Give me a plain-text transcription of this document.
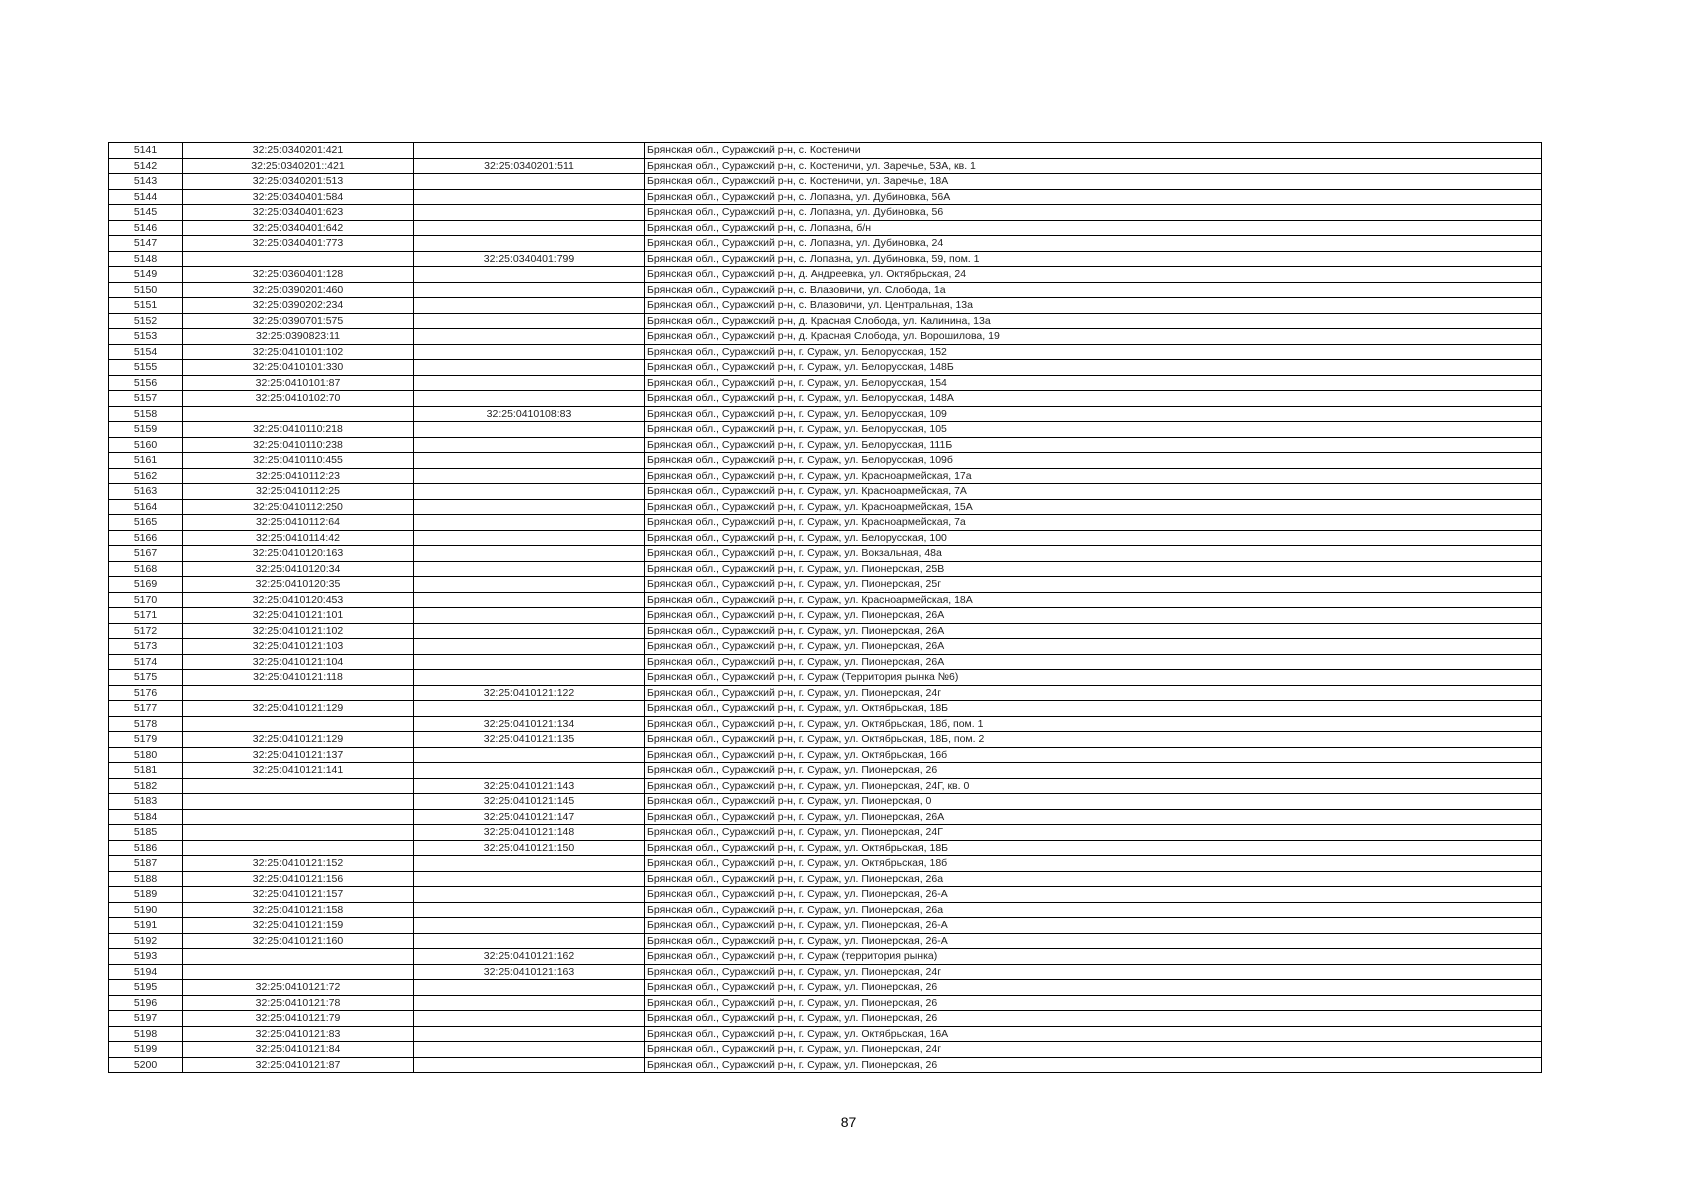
5141	32:25:0340201:421		Брянская обл., Суражский р-н, с. Костеничи
5142	32:25:0340201::421	32:25:0340201:511	Брянская обл., Суражский р-н, с. Костеничи, ул. Заречье, 53А, кв. 1
5143	32:25:0340201:513		Брянская обл., Суражский р-н, с. Костеничи, ул. Заречье, 18А
5144	32:25:0340401:584		Брянская обл., Суражский р-н, с. Лопазна, ул. Дубиновка, 56А
5145	32:25:0340401:623		Брянская обл., Суражский р-н, с. Лопазна, ул. Дубиновка, 56
5146	32:25:0340401:642		Брянская обл., Суражский р-н, с. Лопазна, б/н
5147	32:25:0340401:773		Брянская обл., Суражский р-н, с. Лопазна, ул. Дубиновка, 24
5148		32:25:0340401:799	Брянская обл., Суражский р-н, с. Лопазна, ул. Дубиновка, 59, пом. 1
5149	32:25:0360401:128		Брянская обл., Суражский р-н, д. Андреевка, ул. Октябрьская, 24
5150	32:25:0390201:460		Брянская обл., Суражский р-н, с. Влазовичи, ул. Слобода, 1а
5151	32:25:0390202:234		Брянская обл., Суражский р-н, с. Влазовичи, ул. Центральная, 13а
5152	32:25:0390701:575		Брянская обл., Суражский р-н, д. Красная Слобода, ул. Калинина, 13а
5153	32:25:0390823:11		Брянская обл., Суражский р-н, д. Красная Слобода, ул. Ворошилова, 19
5154	32:25:0410101:102		Брянская обл., Суражский р-н, г. Сураж, ул. Белорусская, 152
5155	32:25:0410101:330		Брянская обл., Суражский р-н, г. Сураж, ул. Белорусская, 148Б
5156	32:25:0410101:87		Брянская обл., Суражский р-н, г. Сураж, ул. Белорусская, 154
5157	32:25:0410102:70		Брянская обл., Суражский р-н, г. Сураж, ул. Белорусская, 148А
5158		32:25:0410108:83	Брянская обл., Суражский р-н, г. Сураж, ул. Белорусская, 109
5159	32:25:0410110:218		Брянская обл., Суражский р-н, г. Сураж, ул. Белорусская, 105
5160	32:25:0410110:238		Брянская обл., Суражский р-н, г. Сураж, ул. Белорусская, 111Б
5161	32:25:0410110:455		Брянская обл., Суражский р-н, г. Сураж, ул. Белорусская, 109б
5162	32:25:0410112:23		Брянская обл., Суражский р-н, г. Сураж, ул. Красноармейская, 17а
5163	32:25:0410112:25		Брянская обл., Суражский р-н, г. Сураж, ул. Красноармейская, 7А
5164	32:25:0410112:250		Брянская обл., Суражский р-н, г. Сураж, ул. Красноармейская, 15А
5165	32:25:0410112:64		Брянская обл., Суражский р-н, г. Сураж, ул. Красноармейская, 7а
5166	32:25:0410114:42		Брянская обл., Суражский р-н, г. Сураж, ул. Белорусская, 100
5167	32:25:0410120:163		Брянская обл., Суражский р-н, г. Сураж, ул. Вокзальная, 48а
5168	32:25:0410120:34		Брянская обл., Суражский р-н, г. Сураж, ул. Пионерская, 25В
5169	32:25:0410120:35		Брянская обл., Суражский р-н, г. Сураж, ул. Пионерская, 25г
5170	32:25:0410120:453		Брянская обл., Суражский р-н, г. Сураж, ул. Красноармейская, 18А
5171	32:25:0410121:101		Брянская обл., Суражский р-н, г. Сураж, ул. Пионерская, 26А
5172	32:25:0410121:102		Брянская обл., Суражский р-н, г. Сураж, ул. Пионерская, 26А
5173	32:25:0410121:103		Брянская обл., Суражский р-н, г. Сураж, ул. Пионерская, 26А
5174	32:25:0410121:104		Брянская обл., Суражский р-н, г. Сураж, ул. Пионерская, 26А
5175	32:25:0410121:118		Брянская обл., Суражский р-н, г. Сураж (Территория рынка №6)
5176		32:25:0410121:122	Брянская обл., Суражский р-н, г. Сураж, ул. Пионерская, 24г
5177	32:25:0410121:129		Брянская обл., Суражский р-н, г. Сураж, ул. Октябрьская, 18Б
5178		32:25:0410121:134	Брянская обл., Суражский р-н, г. Сураж, ул. Октябрьская, 18б, пом. 1
5179	32:25:0410121:129	32:25:0410121:135	Брянская обл., Суражский р-н, г. Сураж, ул. Октябрьская, 18Б, пом. 2
5180	32:25:0410121:137		Брянская обл., Суражский р-н, г. Сураж, ул. Октябрьская, 16б
5181	32:25:0410121:141		Брянская обл., Суражский р-н, г. Сураж, ул. Пионерская, 26
5182		32:25:0410121:143	Брянская обл., Суражский р-н, г. Сураж, ул. Пионерская, 24Г, кв. 0
5183		32:25:0410121:145	Брянская обл., Суражский р-н, г. Сураж, ул. Пионерская, 0
5184		32:25:0410121:147	Брянская обл., Суражский р-н, г. Сураж, ул. Пионерская, 26А
5185		32:25:0410121:148	Брянская обл., Суражский р-н, г. Сураж, ул. Пионерская, 24Г
5186		32:25:0410121:150	Брянская обл., Суражский р-н, г. Сураж, ул. Октябрьская, 18Б
5187	32:25:0410121:152		Брянская обл., Суражский р-н, г. Сураж, ул. Октябрьская, 18б
5188	32:25:0410121:156		Брянская обл., Суражский р-н, г. Сураж, ул. Пионерская, 26а
5189	32:25:0410121:157		Брянская обл., Суражский р-н, г. Сураж, ул. Пионерская, 26-А
5190	32:25:0410121:158		Брянская обл., Суражский р-н, г. Сураж, ул. Пионерская, 26а
5191	32:25:0410121:159		Брянская обл., Суражский р-н, г. Сураж, ул. Пионерская, 26-А
5192	32:25:0410121:160		Брянская обл., Суражский р-н, г. Сураж, ул. Пионерская, 26-А
5193		32:25:0410121:162	Брянская обл., Суражский р-н, г. Сураж (территория рынка)
5194		32:25:0410121:163	Брянская обл., Суражский р-н, г. Сураж, ул. Пионерская, 24г
5195	32:25:0410121:72		Брянская обл., Суражский р-н, г. Сураж, ул. Пионерская, 26
5196	32:25:0410121:78		Брянская обл., Суражский р-н, г. Сураж, ул. Пионерская, 26
5197	32:25:0410121:79		Брянская обл., Суражский р-н, г. Сураж, ул. Пионерская, 26
5198	32:25:0410121:83		Брянская обл., Суражский р-н, г. Сураж, ул. Октябрьская, 16А
5199	32:25:0410121:84		Брянская обл., Суражский р-н, г. Сураж, ул. Пионерская, 24г
5200	32:25:0410121:87		Брянская обл., Суражский р-н, г. Сураж, ул. Пионерская, 26
87
